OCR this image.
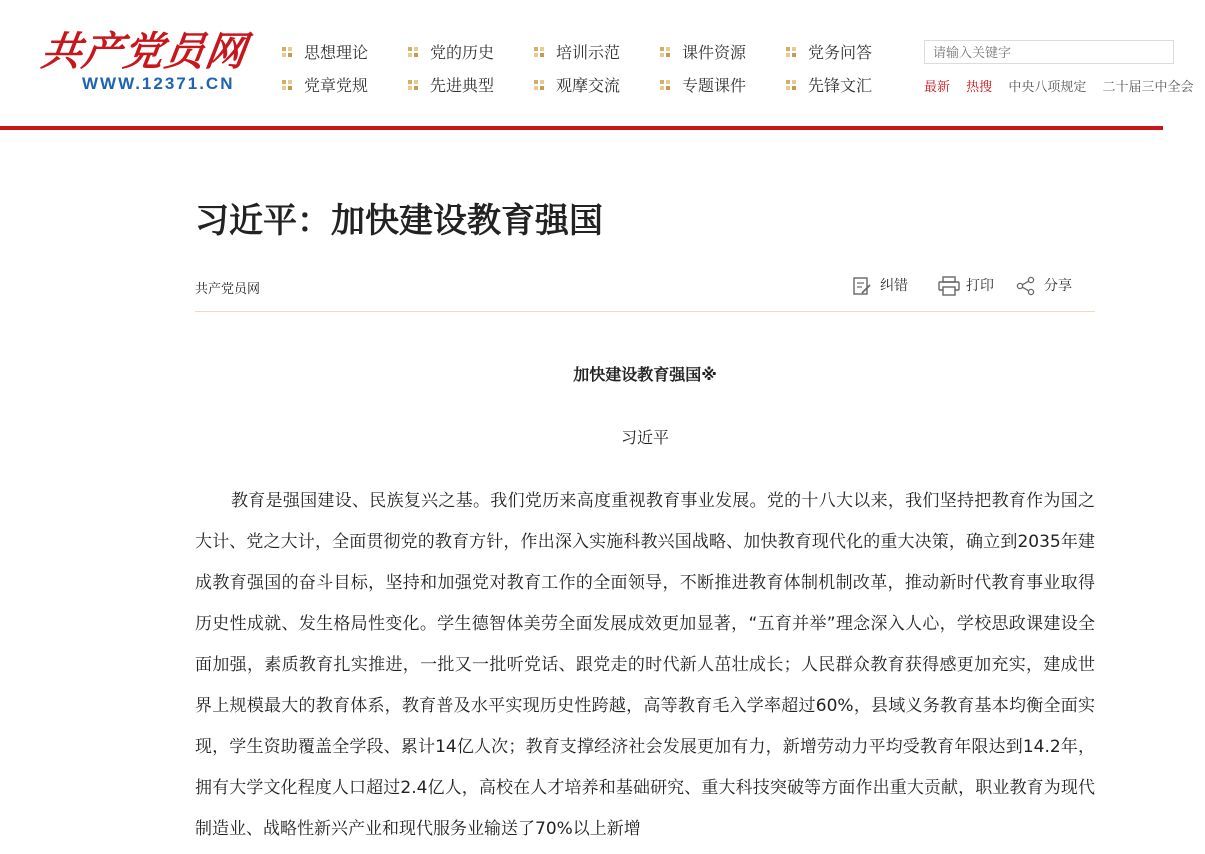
共产党员网
WWW.12371.CN
思想理论	党的历史	培训示范	课件资源	党务问答
党章党规	先进典型	观摩交流	专题课件	先锋文汇
请输入关键字	最新 热搜 中央八项规定 二十届三中全会
习近平：加快建设教育强国
共产党员网	纠错	打印	分享
加快建设教育强国※
习近平

教育是强国建设、民族复兴之基。我们党历来高度重视教育事业发展。党的十八大以来，我们坚持把教育作为国之大计、党之大计，全面贯彻党的教育方针，作出深入实施科教兴国战略、加快教育现代化的重大决策，确立到2035年建成教育强国的奋斗目标，坚持和加强党对教育工作的全面领导，不断推进教育体制机制改革，推动新时代教育事业取得历史性成就、发生格局性变化。学生德智体美劳全面发展成效更加显著，“五育并举”理念深入人心，学校思政课建设全面加强，素质教育扎实推进，一批又一批听党话、跟党走的时代新人茁壮成长；人民群众教育获得感更加充实，建成世界上规模最大的教育体系，教育普及水平实现历史性跨越，高等教育毛入学率超过60%，县域义务教育基本均衡全面实现，学生资助覆盖全学段、累计14亿人次；教育支撑经济社会发展更加有力，新增劳动力平均受教育年限达到14.2年，拥有大学文化程度人口超过2.4亿人，高校在人才培养和基础研究、重大科技突破等方面作出重大贡献，职业教育为现代制造业、战略性新兴产业和现代服务业输送了70%以上新增
